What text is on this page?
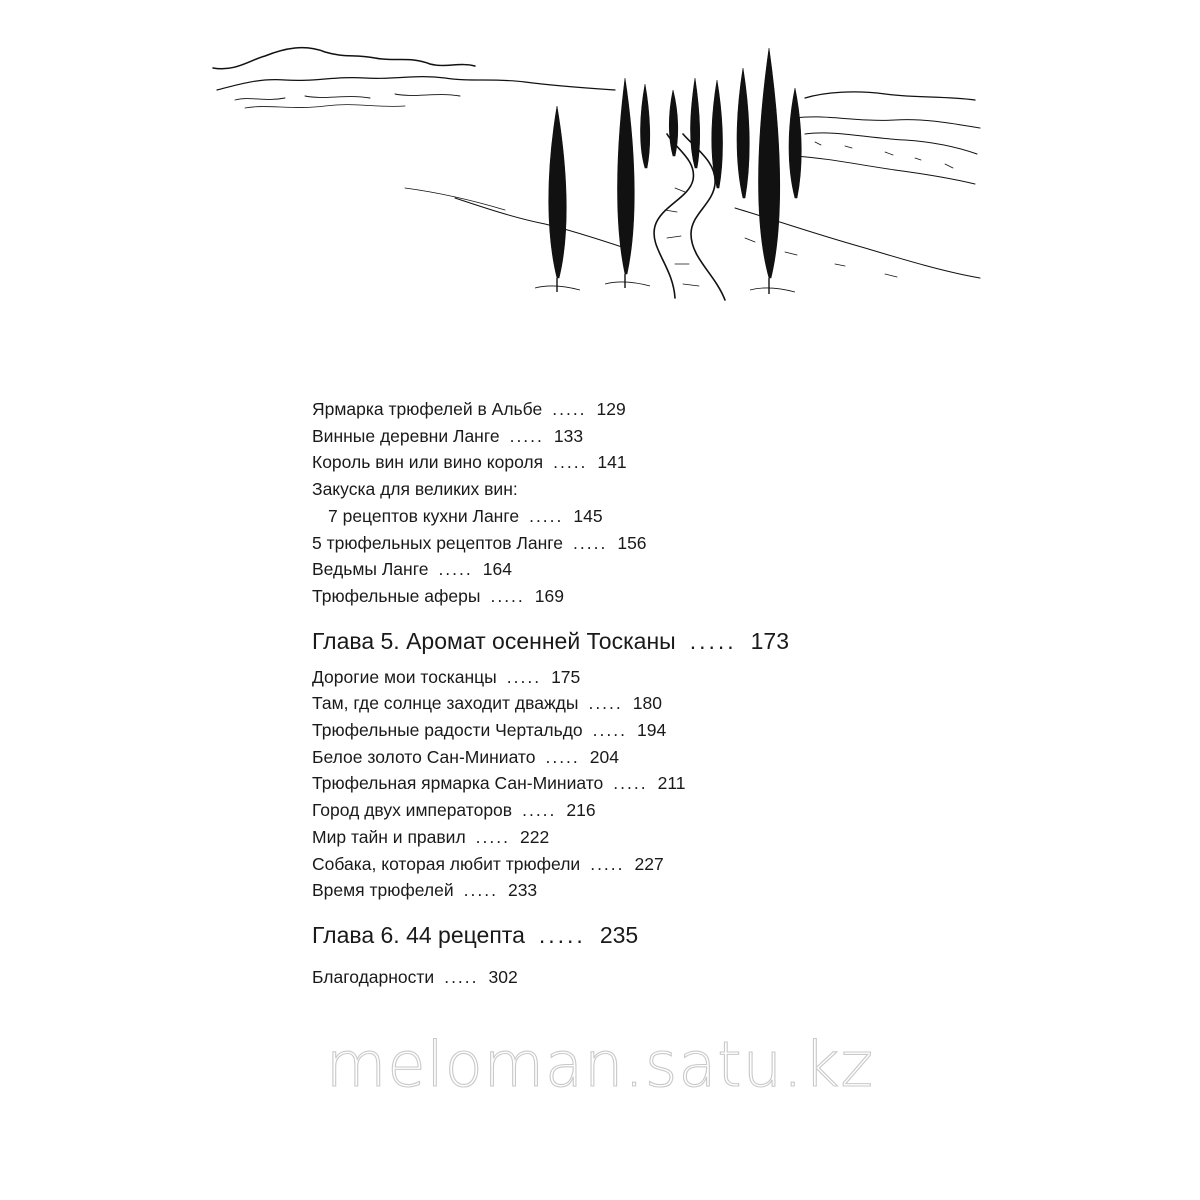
Ярмарка трюфелей в Альбе ..... 129
Винные деревни Ланге ..... 133
Король вин или вино короля ..... 141
Закуска для великих вин:
7 рецептов кухни Ланге ..... 145
5 трюфельных рецептов Ланге ..... 156
Ведьмы Ланге ..... 164
Трюфельные аферы ..... 169
Глава 5. Аромат осенней Тосканы ..... 173
Дорогие мои тосканцы ..... 175
Там, где солнце заходит дважды ..... 180
Трюфельные радости Чертальдо ..... 194
Белое золото Сан-Миниато ..... 204
Трюфельная ярмарка Сан-Миниато ..... 211
Город двух императоров ..... 216
Мир тайн и правил ..... 222
Собака, которая любит трюфели ..... 227
Время трюфелей ..... 233
Глава 6. 44 рецепта ..... 235
Благодарности ..... 302
meloman.satu.kz
